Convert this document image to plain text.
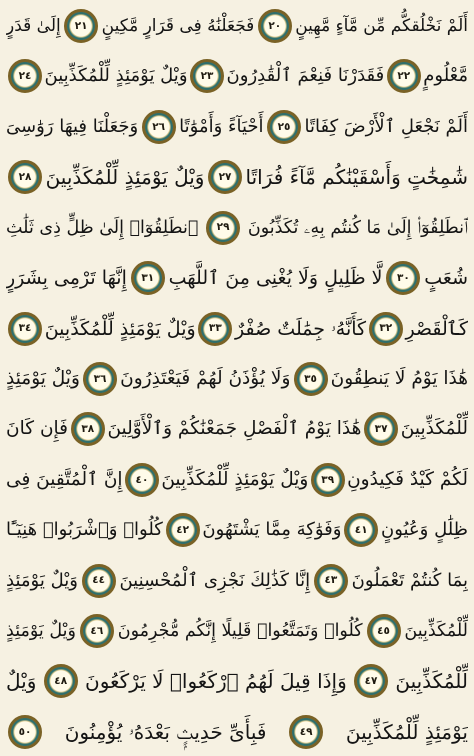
أَلَمْ نَخْلُقكُّم مِّن مَّآءٍ مَّهِينٍ
٢٠
فَجَعَلْنَٰهُ فِى قَرَارٍ مَّكِينٍ
٢١
إِلَىٰ قَدَرٍ
مَّعْلُومٍ
٢٢
فَقَدَرْنَا فَنِعْمَ ٱلْقَٰدِرُونَ
٢٣
وَيْلٌ يَوْمَئِذٍ لِّلْمُكَذِّبِينَ
٢٤
أَلَمْ نَجْعَلِ ٱلْأَرْضَ كِفَاتًا
٢٥
أَحْيَآءً وَأَمْوَٰتًا
٢٦
وَجَعَلْنَا فِيهَا رَوَٰسِىَ
شَٰمِخَٰتٍ وَأَسْقَيْنَٰكُم مَّآءً فُرَاتًا
٢٧
وَيْلٌ يَوْمَئِذٍ لِّلْمُكَذِّبِينَ
٢٨
ٱنطَلِقُوٓا۟ إِلَىٰ مَا كُنتُم بِهِۦ تُكَذِّبُونَ
٢٩
ٱنطَلِقُوٓا۟ إِلَىٰ ظِلٍّ ذِى ثَلَٰثِ
شُعَبٍ
٣٠
لَّا ظَلِيلٍ وَلَا يُغْنِى مِنَ ٱللَّهَبِ
٣١
إِنَّهَا تَرْمِى بِشَرَرٍ
كَٱلْقَصْرِ
٣٢
كَأَنَّهُۥ جِمَٰلَتٌ صُفْرٌ
٣٣
وَيْلٌ يَوْمَئِذٍ لِّلْمُكَذِّبِينَ
٣٤
هَٰذَا يَوْمُ لَا يَنطِقُونَ
٣٥
وَلَا يُؤْذَنُ لَهُمْ فَيَعْتَذِرُونَ
٣٦
وَيْلٌ يَوْمَئِذٍ
لِّلْمُكَذِّبِينَ
٣٧
هَٰذَا يَوْمُ ٱلْفَصْلِ جَمَعْنَٰكُمْ وَٱلْأَوَّلِينَ
٣٨
فَإِن كَانَ
لَكُمْ كَيْدٌ فَكِيدُونِ
٣٩
وَيْلٌ يَوْمَئِذٍ لِّلْمُكَذِّبِينَ
٤٠
إِنَّ ٱلْمُتَّقِينَ فِى
ظِلَٰلٍ وَعُيُونٍ
٤١
وَفَوَٰكِهَ مِمَّا يَشْتَهُونَ
٤٢
كُلُوا۟ وَٱشْرَبُوا۟ هَنِيٓـًٔا
بِمَا كُنتُمْ تَعْمَلُونَ
٤٣
إِنَّا كَذَٰلِكَ نَجْزِى ٱلْمُحْسِنِينَ
٤٤
وَيْلٌ يَوْمَئِذٍ
لِّلْمُكَذِّبِينَ
٤٥
كُلُوا۟ وَتَمَتَّعُوا۟ قَلِيلًا إِنَّكُم مُّجْرِمُونَ
٤٦
وَيْلٌ يَوْمَئِذٍ
لِّلْمُكَذِّبِينَ
٤٧
وَإِذَا قِيلَ لَهُمُ ٱرْكَعُوا۟ لَا يَرْكَعُونَ
٤٨
وَيْلٌ
يَوْمَئِذٍ لِّلْمُكَذِّبِينَ
٤٩
فَبِأَىِّ حَدِيثٍۭ بَعْدَهُۥ يُؤْمِنُونَ
٥٠
